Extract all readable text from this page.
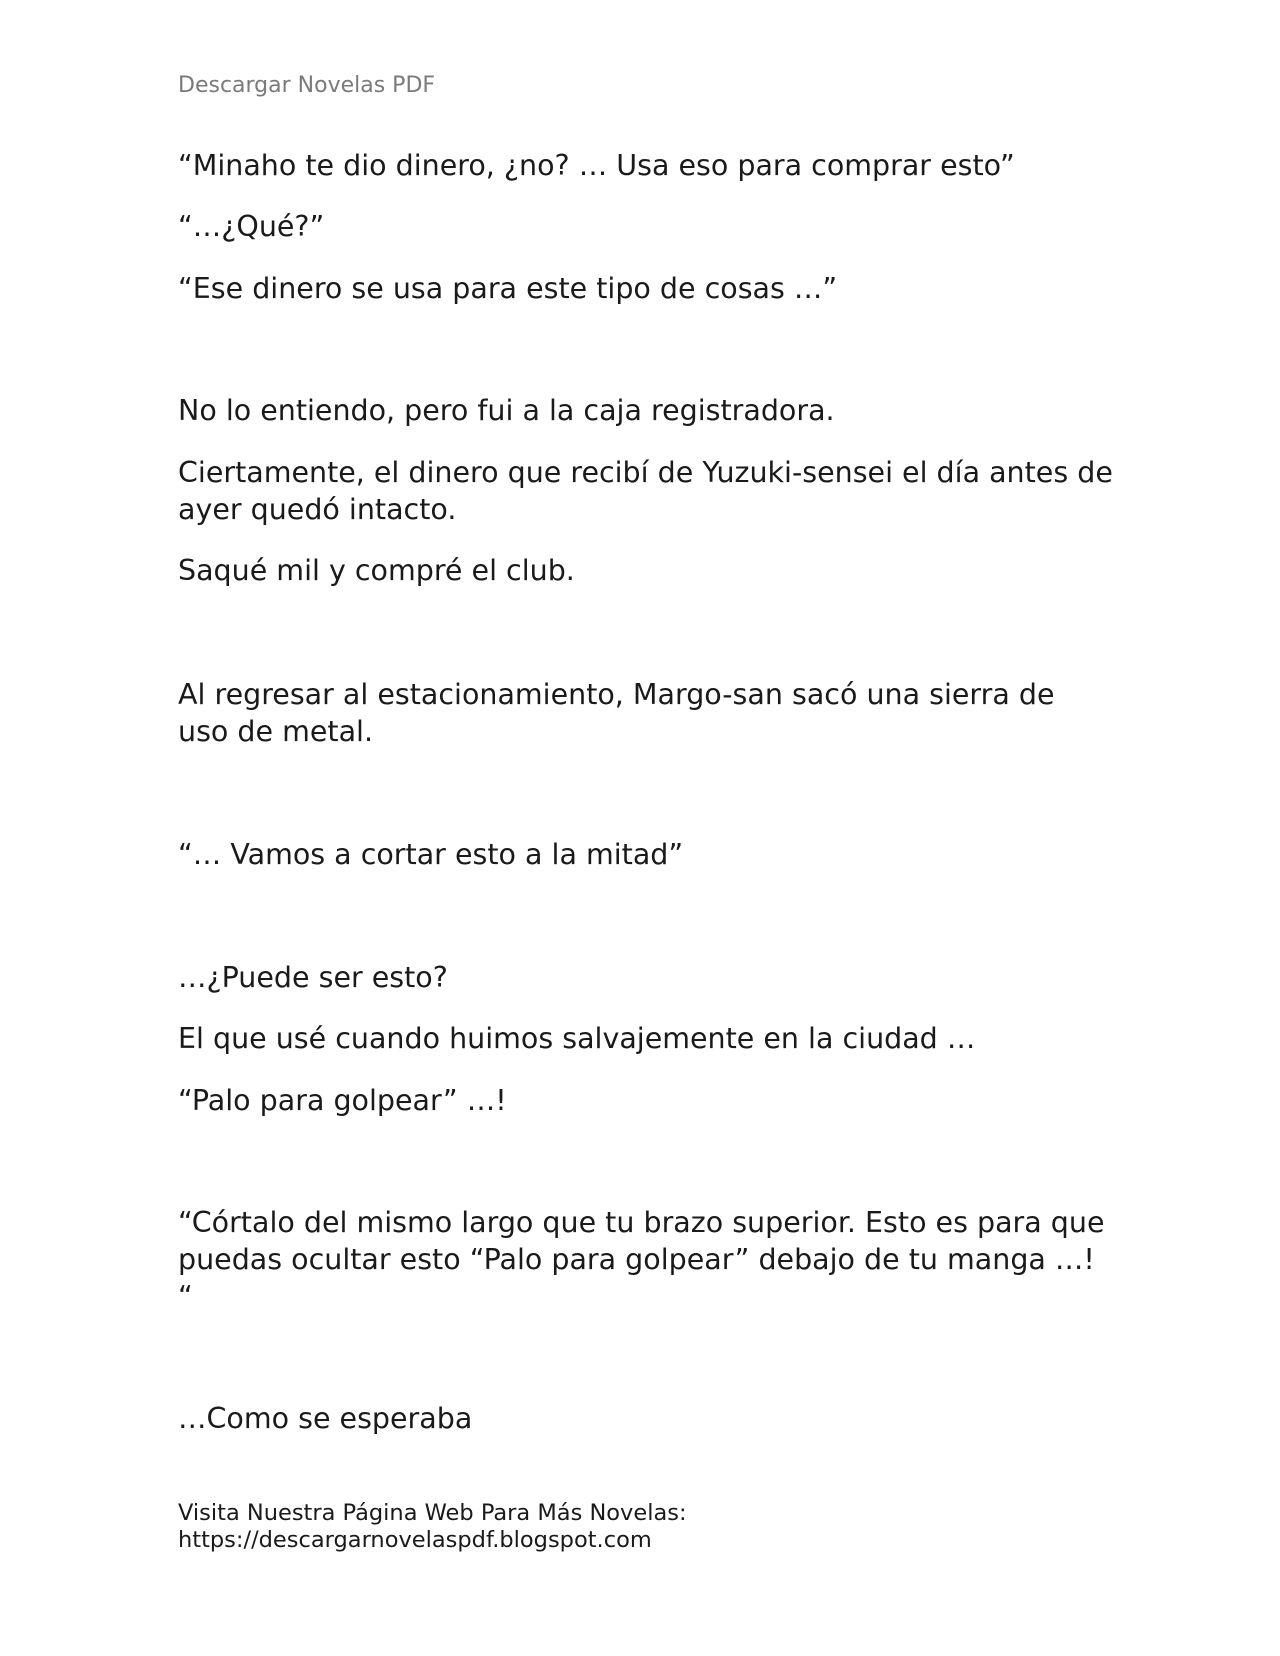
Descargar Novelas PDF

“Minaho te dio dinero, ¿no? … Usa eso para comprar esto”

“…¿Qué?”

“Ese dinero se usa para este tipo de cosas …”

No lo entiendo, pero fui a la caja registradora.

Ciertamente, el dinero que recibí de Yuzuki-sensei el día antes de ayer quedó intacto.

Saqué mil y compré el club.

Al regresar al estacionamiento, Margo-san sacó una sierra de uso de metal.

“… Vamos a cortar esto a la mitad”

…¿Puede ser esto?

El que usé cuando huimos salvajemente en la ciudad …

“Palo para golpear” …!

“Córtalo del mismo largo que tu brazo superior. Esto es para que puedas ocultar esto “Palo para golpear” debajo de tu manga …! “

…Como se esperaba

Visita Nuestra Página Web Para Más Novelas:
https://descargarnovelaspdf.blogspot.com
